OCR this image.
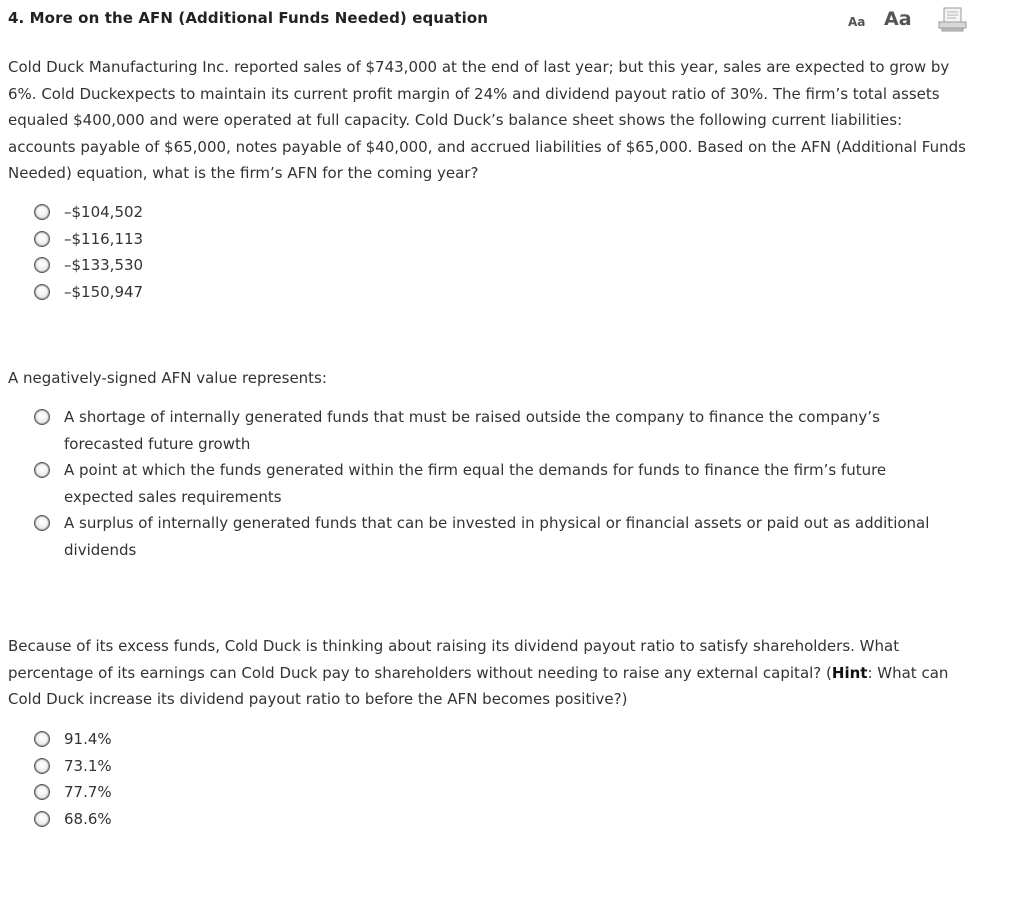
4. More on the AFN (Additional Funds Needed) equation	Aa Aa

Cold Duck Manufacturing Inc. reported sales of $743,000 at the end of last year; but this year, sales are expected to grow by 6%. Cold Duckexpects to maintain its current profit margin of 24% and dividend payout ratio of 30%. The firm’s total assets equaled $400,000 and were operated at full capacity. Cold Duck’s balance sheet shows the following current liabilities: accounts payable of $65,000, notes payable of $40,000, and accrued liabilities of $65,000. Based on the AFN (Additional Funds Needed) equation, what is the firm’s AFN for the coming year?

–$104,502
–$116,113
–$133,530
–$150,947

A negatively-signed AFN value represents:

A shortage of internally generated funds that must be raised outside the company to finance the company’s forecasted future growth
A point at which the funds generated within the firm equal the demands for funds to finance the firm’s future expected sales requirements
A surplus of internally generated funds that can be invested in physical or financial assets or paid out as additional dividends

Because of its excess funds, Cold Duck is thinking about raising its dividend payout ratio to satisfy shareholders. What percentage of its earnings can Cold Duck pay to shareholders without needing to raise any external capital? (Hint: What can Cold Duck increase its dividend payout ratio to before the AFN becomes positive?)

91.4%
73.1%
77.7%
68.6%
